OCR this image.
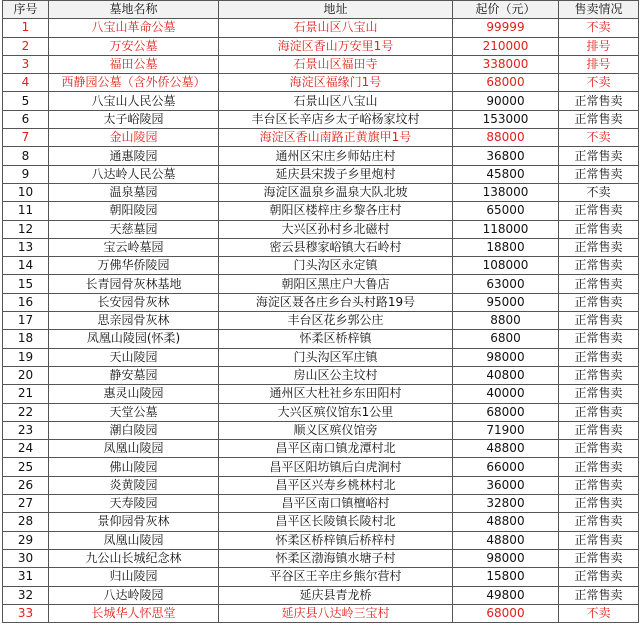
序号	墓地名称	地址	起价（元）	售卖情况
1	八宝山革命公墓	石景山区八宝山	99999	不卖
2	万安公墓	海淀区香山万安里1号	210000	排号
3	福田公墓	石景山区福田寺	338000	排号
4	西静园公墓（含外侨公墓）	海淀区福缘门1号	68000	不卖
5	八宝山人民公墓	石景山区八宝山	90000	正常售卖
6	太子峪陵园	丰台区长辛店乡太子峪杨家坟村	153000	正常售卖
7	金山陵园	海淀区香山南路正黄旗甲1号	88000	不卖
8	通惠陵园	通州区宋庄乡师姑庄村	36800	正常售卖
9	八达岭人民公墓	延庆县宋拨子乡里炮村	45800	正常售卖
10	温泉墓园	海淀区温泉乡温泉大队北坡	138000	不卖
11	朝阳陵园	朝阳区楼梓庄乡黎各庄村	65000	正常售卖
12	天慈墓园	大兴区孙村乡北磁村	118000	正常售卖
13	宝云岭墓园	密云县穆家峪镇大石岭村	18800	正常售卖
14	万佛华侨陵园	门头沟区永定镇	108000	正常售卖
15	长青园骨灰林基地	朝阳区黑庄户大鲁店	63000	正常售卖
16	长安园骨灰林	海淀区聂各庄乡台头村路19号	95000	正常售卖
17	思亲园骨灰林	丰台区花乡郭公庄	8800	正常售卖
18	凤凰山陵园(怀柔)	怀柔区桥梓镇	6800	正常售卖
19	天山陵园	门头沟区军庄镇	98000	正常售卖
20	静安墓园	房山区公主坟村	40800	正常售卖
21	惠灵山陵园	通州区大杜社乡东田阳村	40000	正常售卖
22	天堂公墓	大兴区殡仪馆东1公里	68000	正常售卖
23	潮白陵园	顺义区殡仪馆旁	71900	正常售卖
24	凤凰山陵园	昌平区南口镇龙潭村北	48800	正常售卖
25	佛山陵园	昌平区阳坊镇后白虎涧村	66000	正常售卖
26	炎黄陵园	昌平区兴寿乡桃林村北	36000	正常售卖
27	天寿陵园	昌平区南口镇檀峪村	32800	正常售卖
28	景仰园骨灰林	昌平区长陵镇长陵村北	48800	正常售卖
29	凤凰山陵园	怀柔区桥梓镇后桥梓村	48800	正常售卖
30	九公山长城纪念林	怀柔区渤海镇水塘子村	98000	正常售卖
31	归山陵园	平谷区王辛庄乡熊尔营村	15800	正常售卖
32	八达岭陵园	延庆县青龙桥	49800	正常售卖
33	长城华人怀思堂	延庆县八达岭三宝村	68000	不卖
